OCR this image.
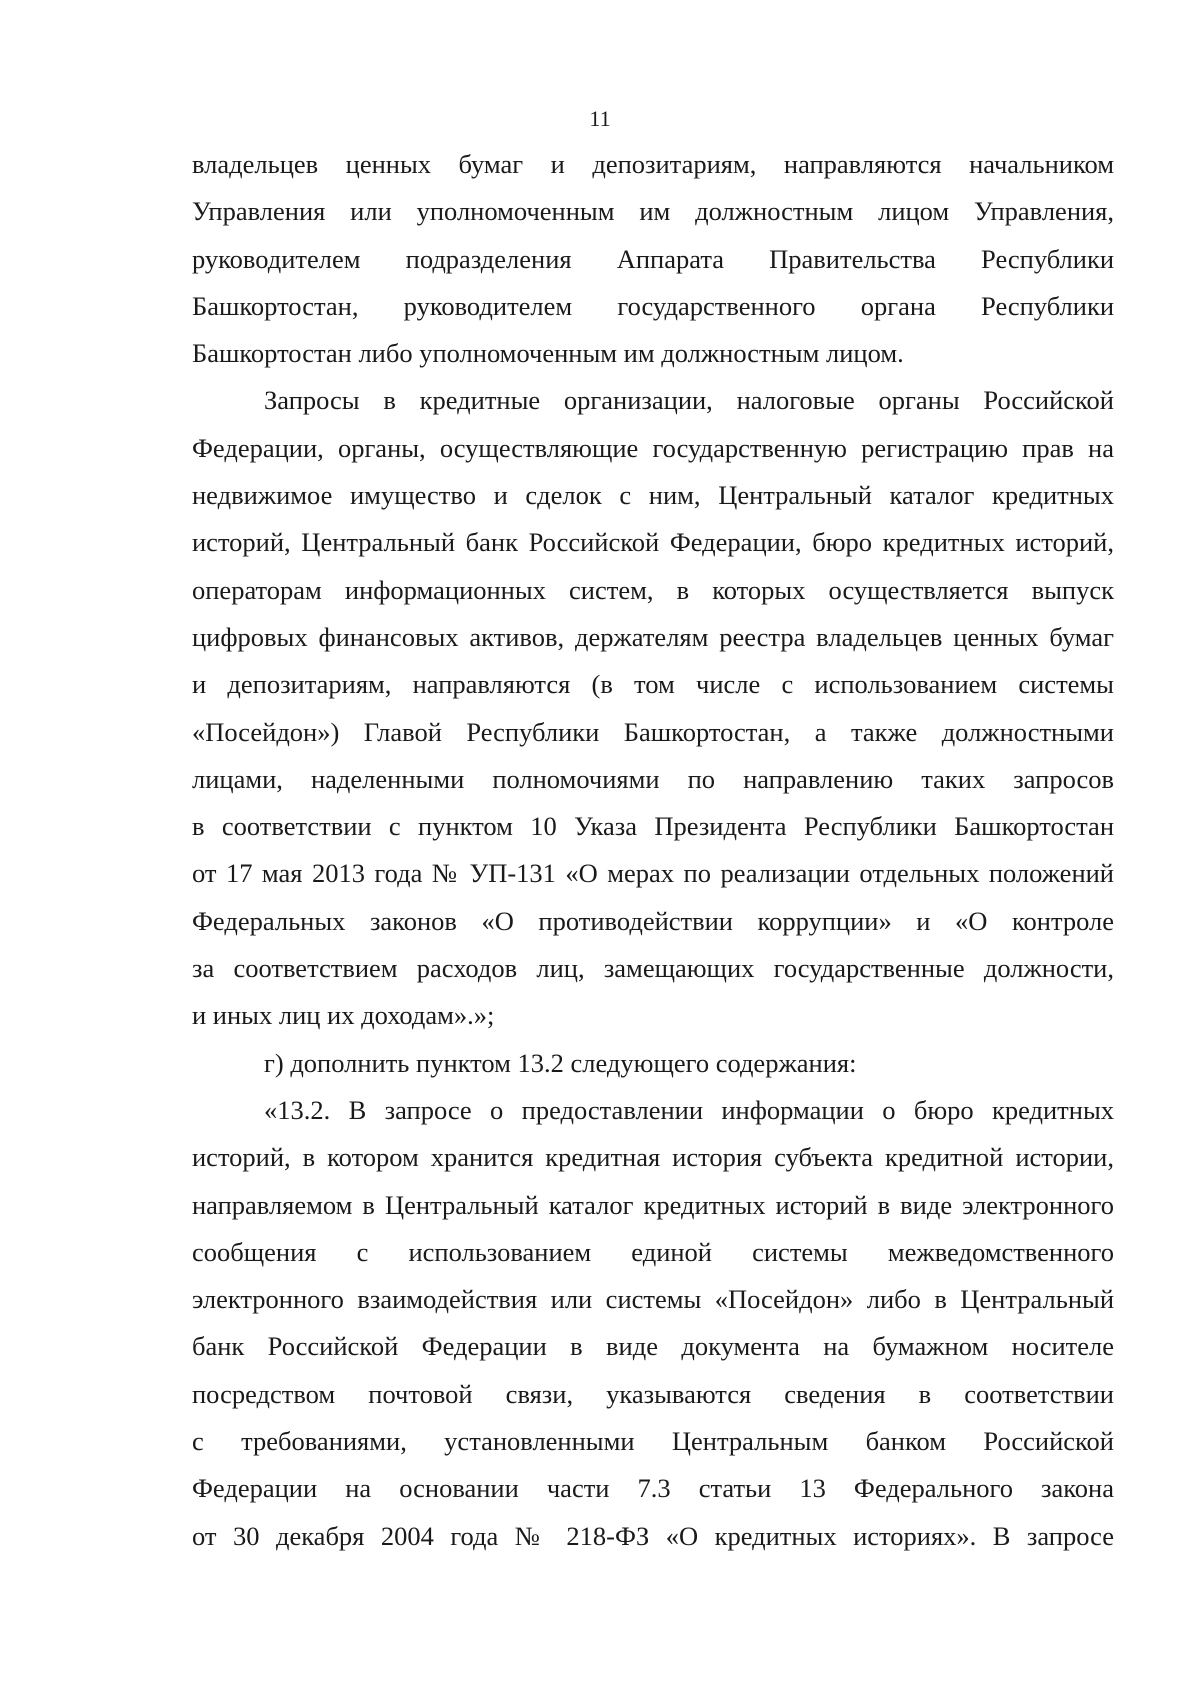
11
владельцев ценных бумаг и депозитариям, направляются начальником
Управления или уполномоченным им должностным лицом Управления,
руководителем подразделения Аппарата Правительства Республики
Башкортостан, руководителем государственного органа Республики
Башкортостан либо уполномоченным им должностным лицом.
Запросы в кредитные организации, налоговые органы Российской
Федерации, органы, осуществляющие государственную регистрацию прав на
недвижимое имущество и сделок с ним, Центральный каталог кредитных
историй, Центральный банк Российской Федерации, бюро кредитных историй,
операторам информационных систем, в которых осуществляется выпуск
цифровых финансовых активов, держателям реестра владельцев ценных бумаг
и депозитариям, направляются (в том числе с использованием системы
«Посейдон») Главой Республики Башкортостан, а также должностными
лицами, наделенными полномочиями по направлению таких запросов
в соответствии с пунктом 10 Указа Президента Республики Башкортостан
от 17 мая 2013 года № УП-131 «О мерах по реализации отдельных положений
Федеральных законов «О противодействии коррупции» и «О контроле
за соответствием расходов лиц, замещающих государственные должности,
и иных лиц их доходам».»;
г) дополнить пунктом 13.2 следующего содержания:
«13.2. В запросе о предоставлении информации о бюро кредитных
историй, в котором хранится кредитная история субъекта кредитной истории,
направляемом в Центральный каталог кредитных историй в виде электронного
сообщения с использованием единой системы межведомственного
электронного взаимодействия или системы «Посейдон» либо в Центральный
банк Российской Федерации в виде документа на бумажном носителе
посредством почтовой связи, указываются сведения в соответствии
с требованиями, установленными Центральным банком Российской
Федерации на основании части 7.3 статьи 13 Федерального закона
от 30 декабря 2004 года № 218-ФЗ «О кредитных историях». В запросе
